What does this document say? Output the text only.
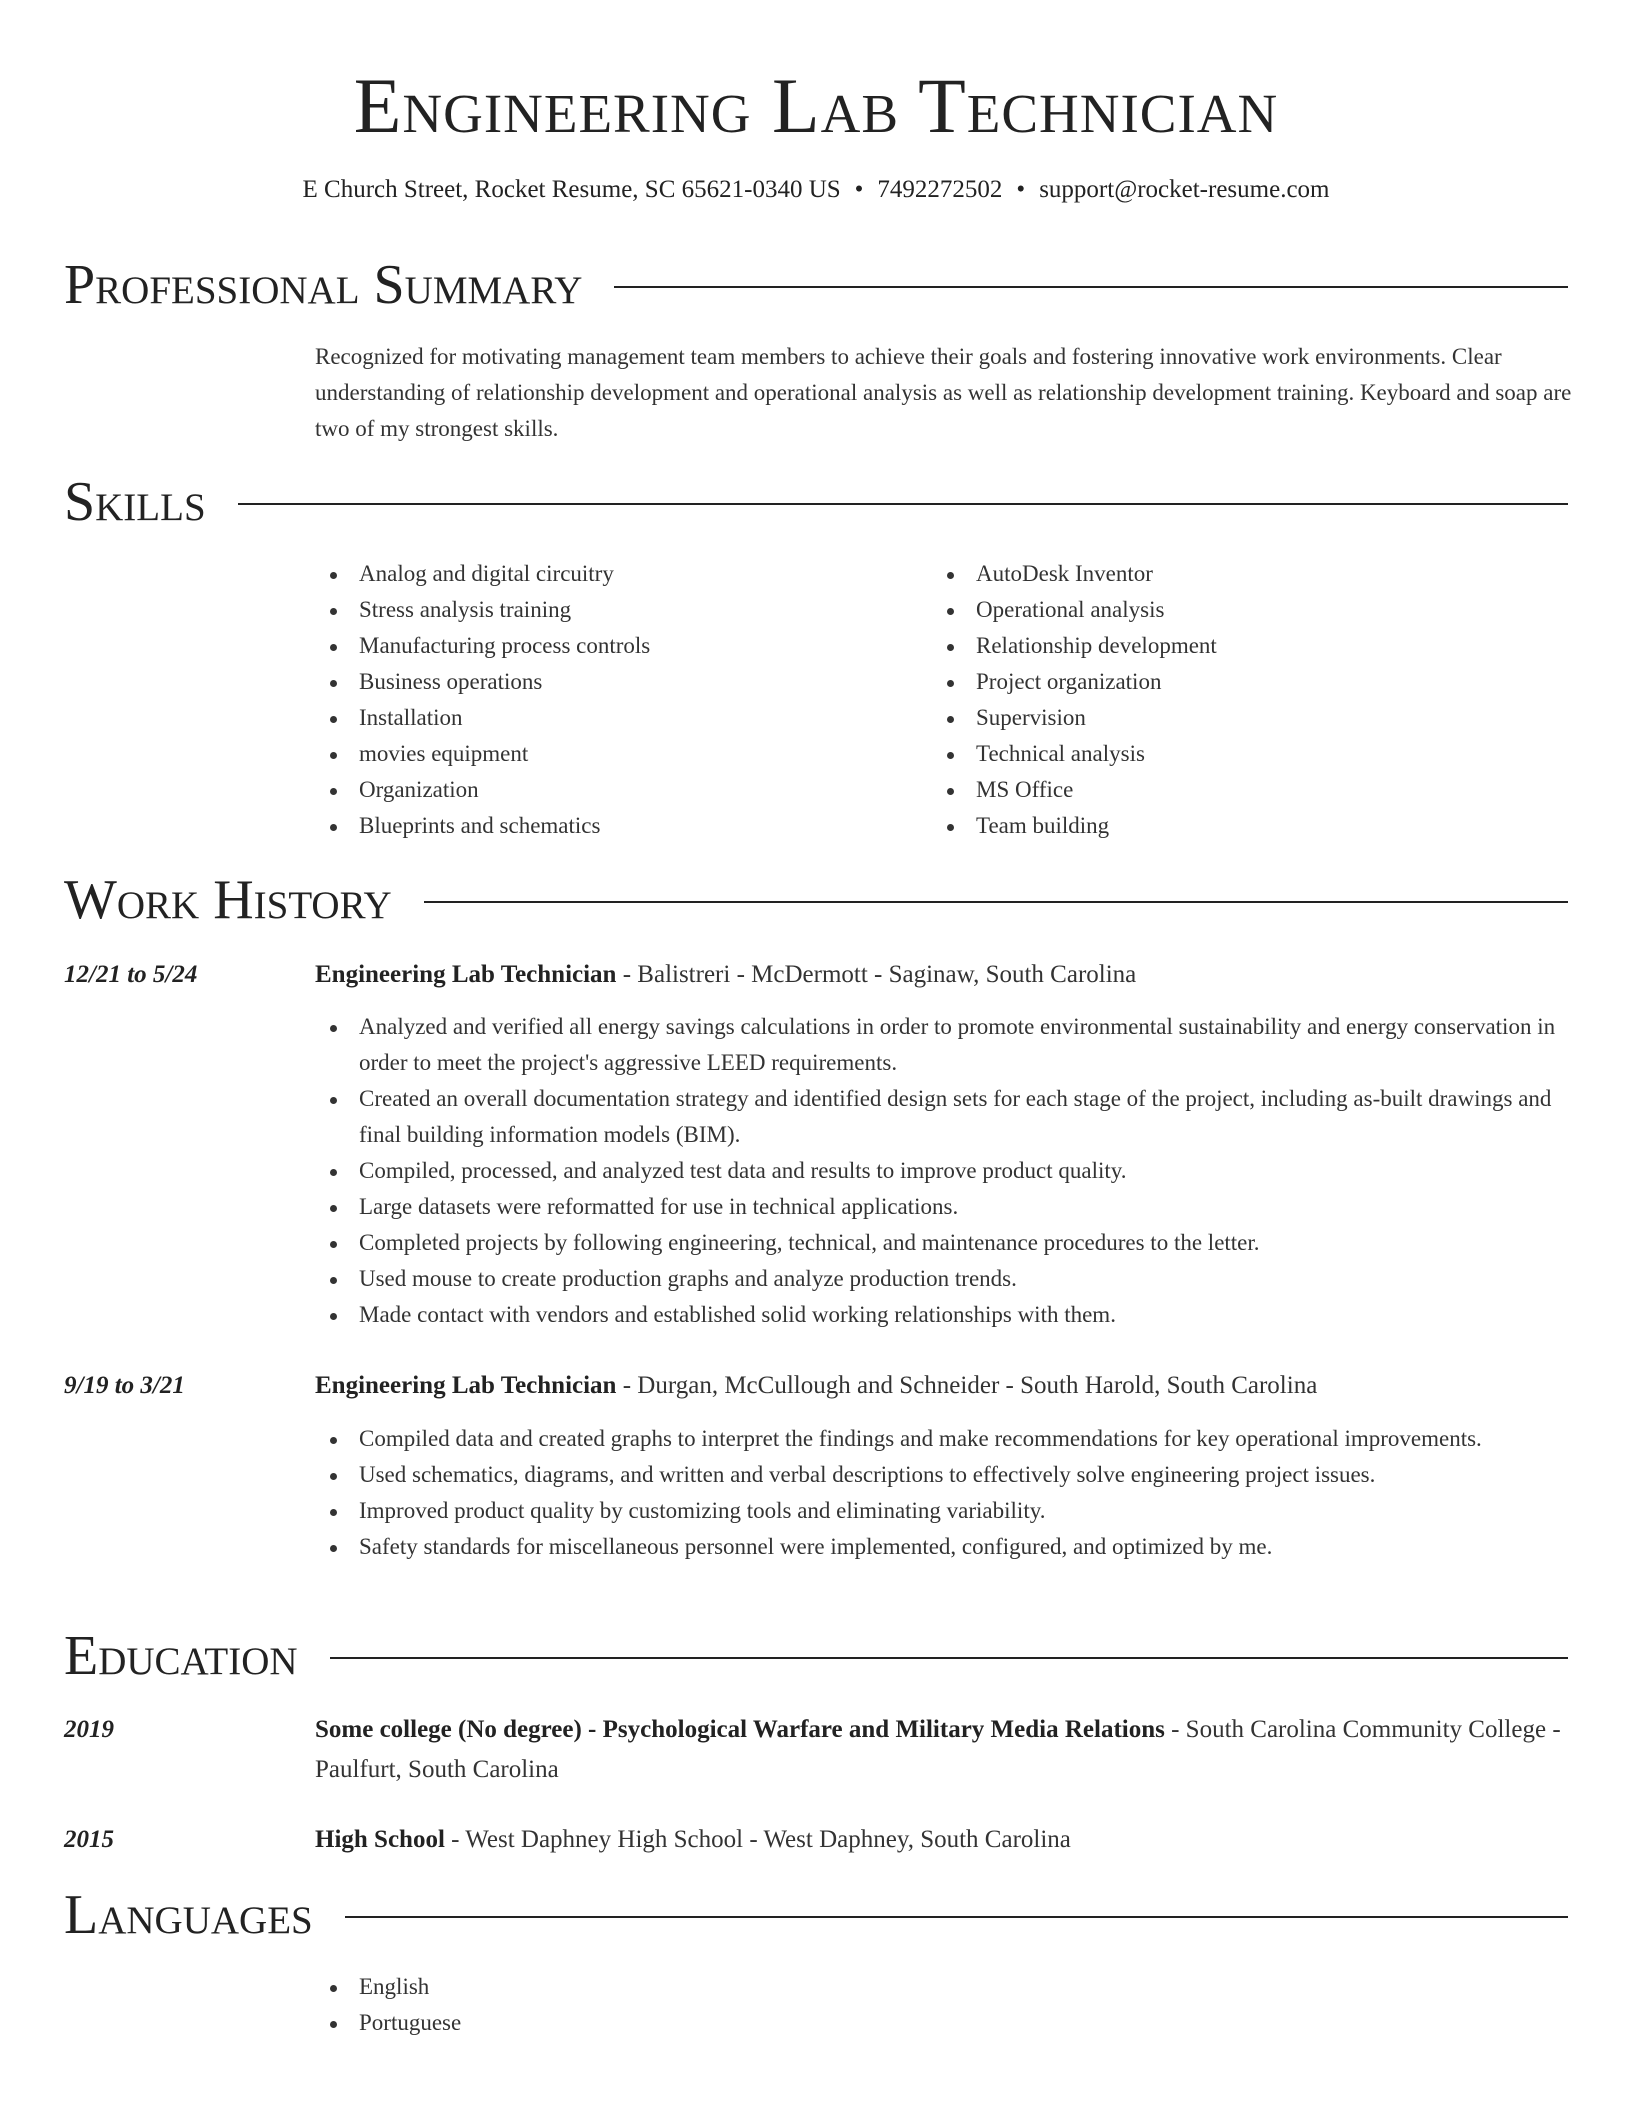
Engineering Lab Technician
E Church Street, Rocket Resume, SC 65621-0340 US • 7492272502 • support@rocket-resume.com
Professional Summary
Recognized for motivating management team members to achieve their goals and fostering innovative work environments. Clear understanding of relationship development and operational analysis as well as relationship development training. Keyboard and soap are two of my strongest skills.
Skills
Analog and digital circuitry
Stress analysis training
Manufacturing process controls
Business operations
Installation
movies equipment
Organization
Blueprints and schematics
AutoDesk Inventor
Operational analysis
Relationship development
Project organization
Supervision
Technical analysis
MS Office
Team building
Work History
12/21 to 5/24	Engineering Lab Technician - Balistreri - McDermott - Saginaw, South Carolina
Analyzed and verified all energy savings calculations in order to promote environmental sustainability and energy conservation in order to meet the project's aggressive LEED requirements.
Created an overall documentation strategy and identified design sets for each stage of the project, including as-built drawings and final building information models (BIM).
Compiled, processed, and analyzed test data and results to improve product quality.
Large datasets were reformatted for use in technical applications.
Completed projects by following engineering, technical, and maintenance procedures to the letter.
Used mouse to create production graphs and analyze production trends.
Made contact with vendors and established solid working relationships with them.
9/19 to 3/21	Engineering Lab Technician - Durgan, McCullough and Schneider - South Harold, South Carolina
Compiled data and created graphs to interpret the findings and make recommendations for key operational improvements.
Used schematics, diagrams, and written and verbal descriptions to effectively solve engineering project issues.
Improved product quality by customizing tools and eliminating variability.
Safety standards for miscellaneous personnel were implemented, configured, and optimized by me.
Education
2019	Some college (No degree) - Psychological Warfare and Military Media Relations - South Carolina Community College - Paulfurt, South Carolina
2015	High School - West Daphney High School - West Daphney, South Carolina
Languages
English
Portuguese
